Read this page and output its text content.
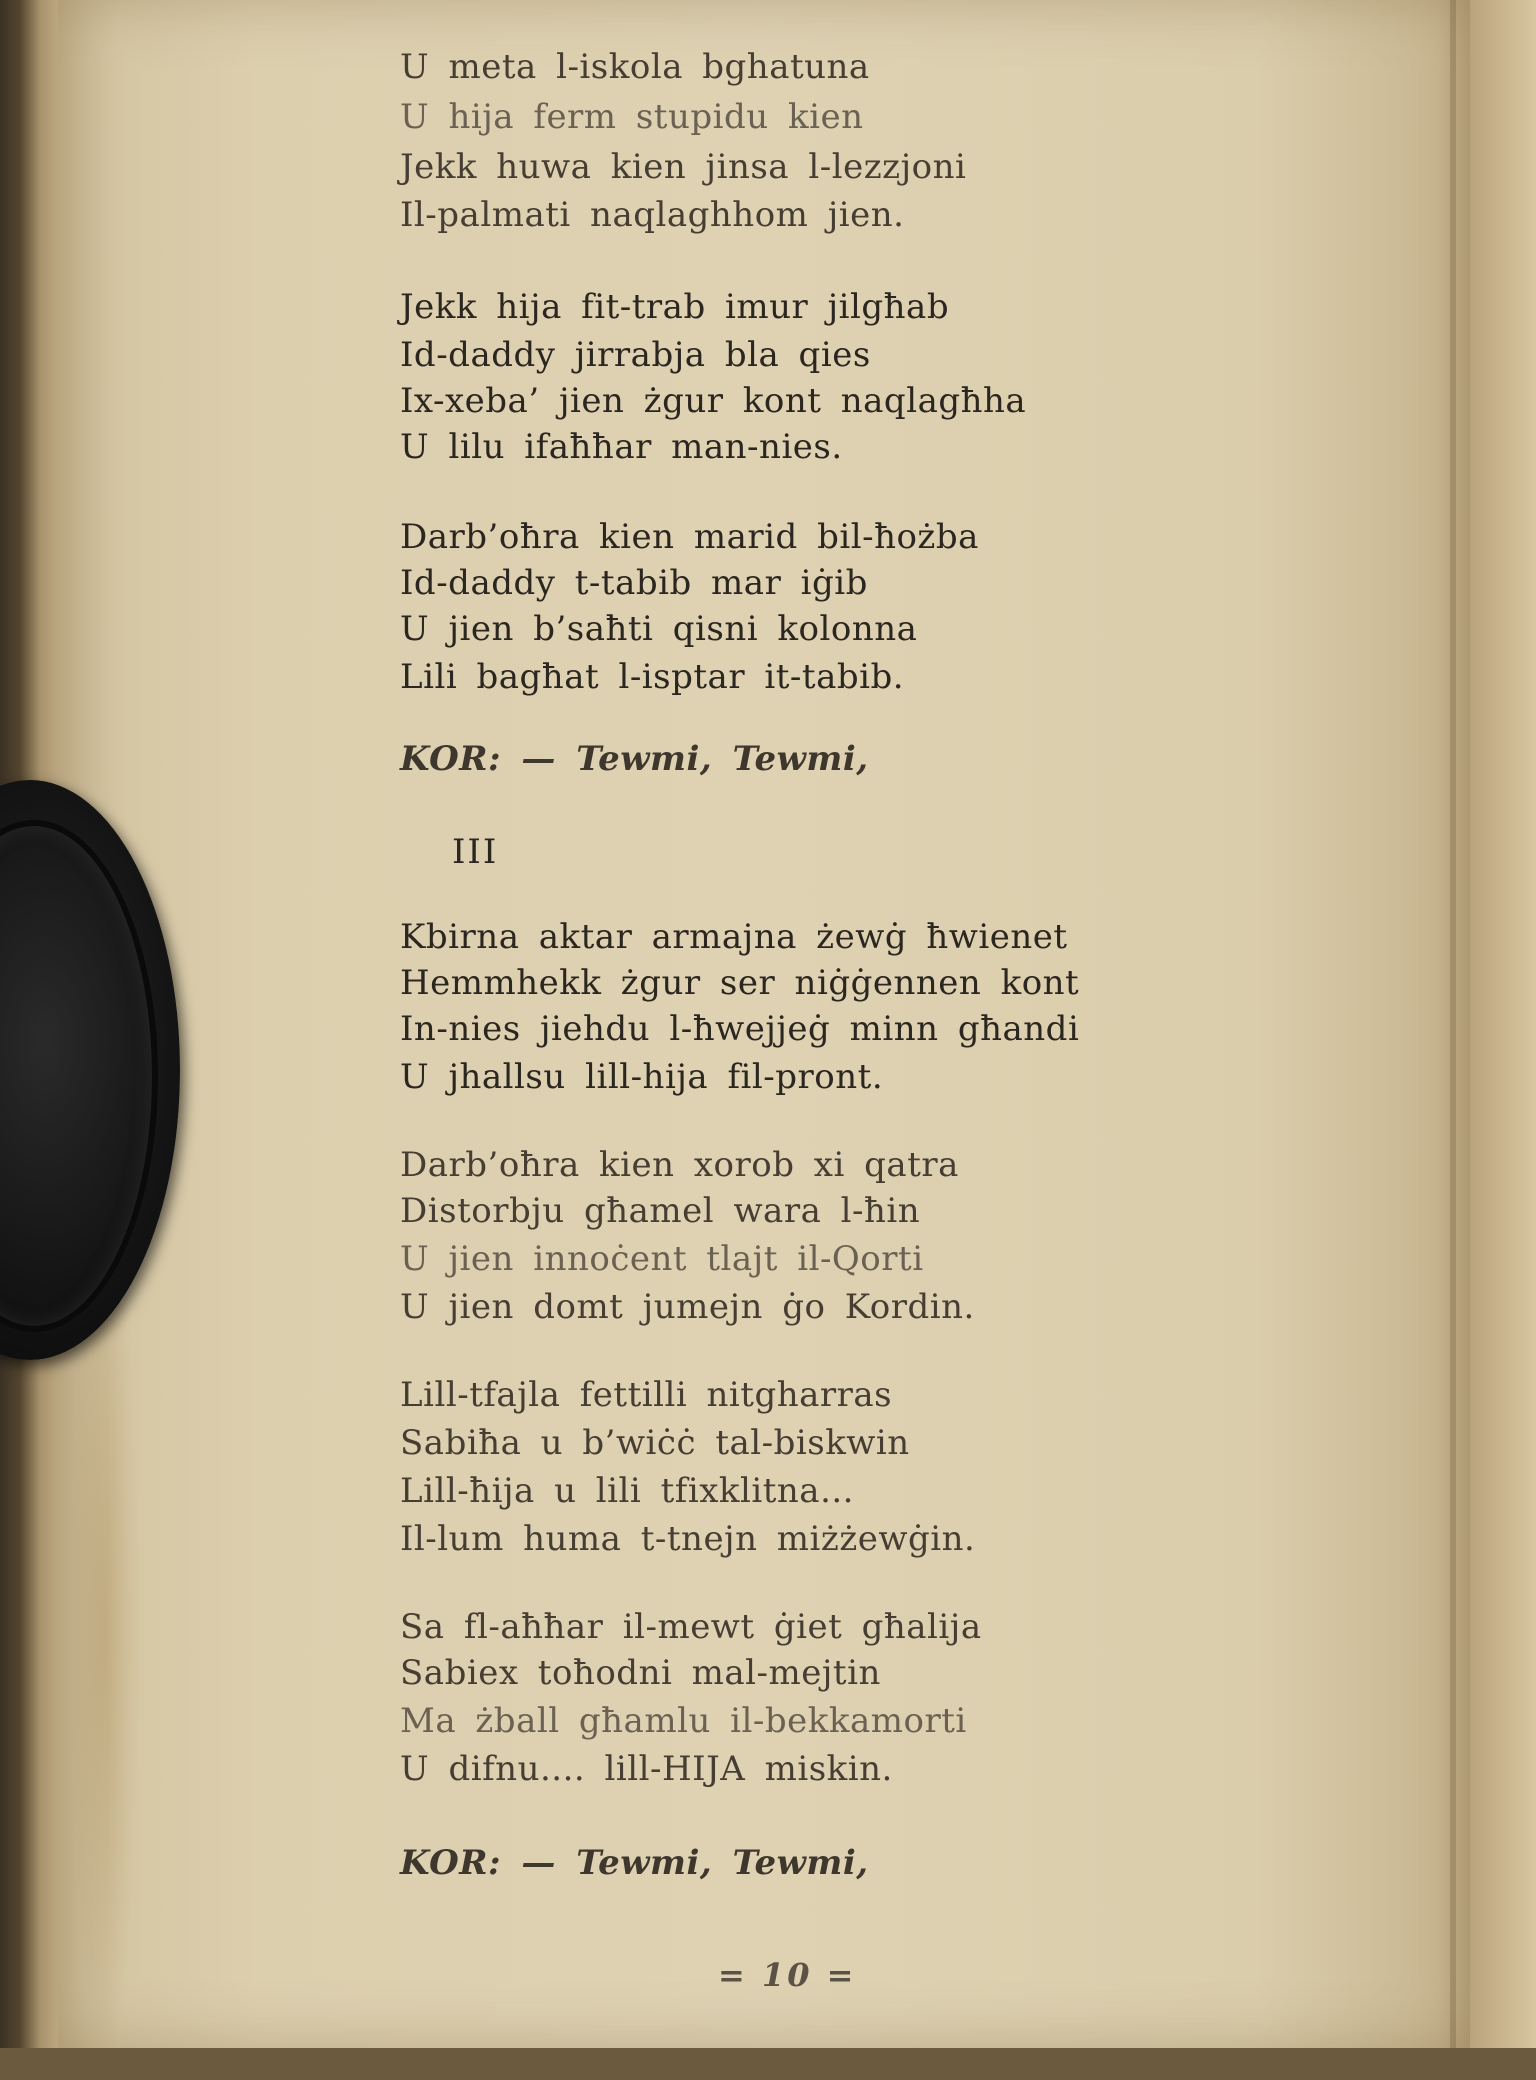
U meta l-iskola bghatuna
U hija ferm stupidu kien
Jekk huwa kien jinsa l-lezzjoni
Il-palmati naqlaghhom jien.
Jekk hija fit-trab imur jilgħab
Id-daddy jirrabja bla qies
Ix-xeba’ jien żgur kont naqlagħha
U lilu ifaħħar man-nies.
Darb’oħra kien marid bil-ħożba
Id-daddy t-tabib mar iġib
U jien b’saħti qisni kolonna
Lili bagħat l-isptar it-tabib.
KOR: — Tewmi, Tewmi,
Kbirna aktar armajna żewġ ħwienet
Hemmhekk żgur ser niġġennen kont
In-nies jiehdu l-ħwejjeġ minn għandi
U jhallsu lill-hija fil-pront.
Darb’oħra kien xorob xi qatra
Distorbju għamel wara l-ħin
U jien innoċent tlajt il-Qorti
U jien domt jumejn ġo Kordin.
Lill-tfajla fettilli nitgharras
Sabiħa u b’wiċċ tal-biskwin
Lill-ħija u lili tfixklitna...
Il-lum huma t-tnejn miżżewġin.
Sa fl-aħħar il-mewt ġiet għalija
Sabiex toħodni mal-mejtin
Ma żball għamlu il-bekkamorti
U difnu.... lill-HIJA miskin.
KOR: — Tewmi, Tewmi,
III
= 10 =
